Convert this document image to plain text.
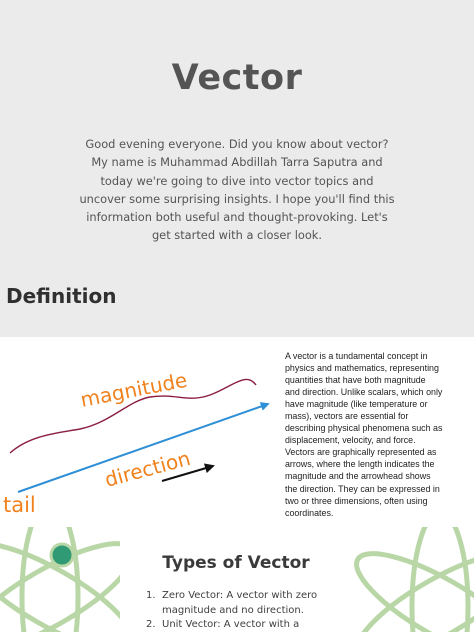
Vector
Good evening everyone. Did you know about vector?
My name is Muhammad Abdillah Tarra Saputra and
today we're going to dive into vector topics and
uncover some surprising insights. I hope you'll find this
information both useful and thought-provoking. Let's
get started with a closer look.
Definition
magnitude
direction
tail
A vector is a tundamental concept in
physics and mathematics, representing
quantities that have both magnitude
and direction. Unlike scalars, which only
have magnitude (like temperature or
mass), vectors are essential for
describing physical phenomena such as
displacement, velocity, and force.
Vectors are graphically represented as
arrows, where the length indicates the
magnitude and the arrowhead shows
the direction. They can be expressed in
two or three dimensions, often using
coordinates.
Types of Vector
1. Zero Vector: A vector with zero
magnitude and no direction.
2. Unit Vector: A vector with a
